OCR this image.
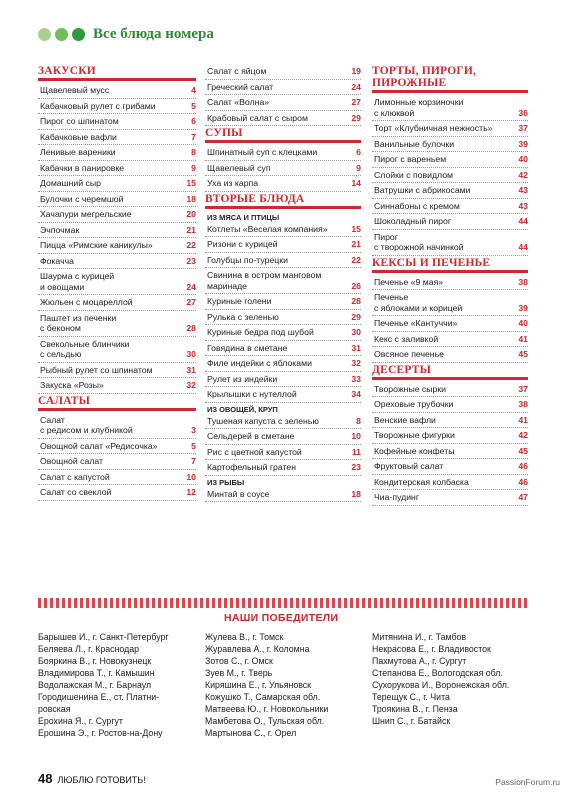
Все блюда номера
ЗАКУСКИ
Щавелевый мусс	4
Кабачковый рулет с грибами	5
Пирог со шпинатом	6
Кабачковые вафли	7
Ленивые вареники	8
Кабачки в панировке	9
Домашний сыр	15
Булочки с черемшой	18
Хачапури мегрельские	20
Эчпочмак	21
Пицца «Римские каникулы»	22
Фокачча	23
Шаурма с курицей
и овощами	24
Жюльен с моцареллой	27
Паштет из печенки
с беконом	28
Свекольные блинчики
с сельдью	30
Рыбный рулет со шпинатом	31
Закуска «Розы»	32
САЛАТЫ
Салат
с редисом и клубникой	3
Овощной салат «Редисочка»	5
Овощной салат	7
Салат с капустой	10
Салат со свеклой	12
Салат с яйцом	19
Греческий салат	24
Салат «Волна»	27
Крабовый салат с сыром	29
СУПЫ
Шпинатный суп с клецками	6
Щавелевый суп	9
Уха из карпа	14
ВТОРЫЕ БЛЮДА
ИЗ МЯСА И ПТИЦЫ
Котлеты «Веселая компания»	15
Ризони с курицей	21
Голубцы по-турецки	22
Свинина в остром манговом
маринаде	26
Куриные голени	28
Рулька с зеленью	29
Куриные бедра под шубой	30
Говядина в сметане	31
Филе индейки с яблоками	32
Рулет из индейки	33
Крылышки с нутеллой	34
ИЗ ОВОЩЕЙ, КРУП
Тушеная капуста с зеленью	8
Сельдерей в сметане	10
Рис с цветной капустой	11
Картофельный гратен	23
ИЗ РЫБЫ
Минтай в соусе	18
ТОРТЫ, ПИРОГИ,
ПИРОЖНЫЕ
Лимонные корзиночки
с клюквой	36
Торт «Клубничная нежность»	37
Ванильные булочки	39
Пирог с вареньем	40
Слойки с повидлом	42
Ватрушки с абрикосами	43
Синнабоны с кремом	43
Шоколадный пирог	44
Пирог
с творожной начинкой	44
КЕКСЫ И ПЕЧЕНЬЕ
Печенье «9 мая»	38
Печенье
с яблоками и корицей	39
Печенье «Кантуччи»	40
Кекс с заливкой	41
Овсяное печенье	45
ДЕСЕРТЫ
Творожные сырки	37
Ореховые трубочки	38
Венские вафли	41
Творожные фигурки	42
Кофейные конфеты	45
Фруктовый салат	46
Кондитерская колбаска	46
Чиа-пудинг	47
НАШИ ПОБЕДИТЕЛИ
Барышев И., г. Санкт-Петербург
Беляева Л., г. Краснодар
Бояркина В., г. Новокузнецк
Владимирова Т., г. Камышин
Водолажская М., г. Барнаул
Городишенина Е., ст. Платни-
ровская
Ерохина Я., г. Сургут
Ерошина Э., г. Ростов-на-Дону
Жулева В., г. Томск
Журавлева А., г. Коломна
Зотов С., г. Омск
Зуев М., г. Тверь
Киряшина Е., г. Ульяновск
Кожушко Т., Самарская обл.
Матвеева Ю., г. Новокольники
Мамбетова О., Тульская обл.
Мартынова С., г. Орел
Митянина И., г. Тамбов
Некрасова Е., г. Владивосток
Пахмутова А., г. Сургут
Степанова Е., Вологодская обл.
Сухорукова И., Воронежская обл.
Терещук С., г. Чита
Троякина В., г. Пенза
Шнип С., г. Батайск
48 ЛЮБЛЮ ГОТОВИТЬ!	PassionForum.ru
